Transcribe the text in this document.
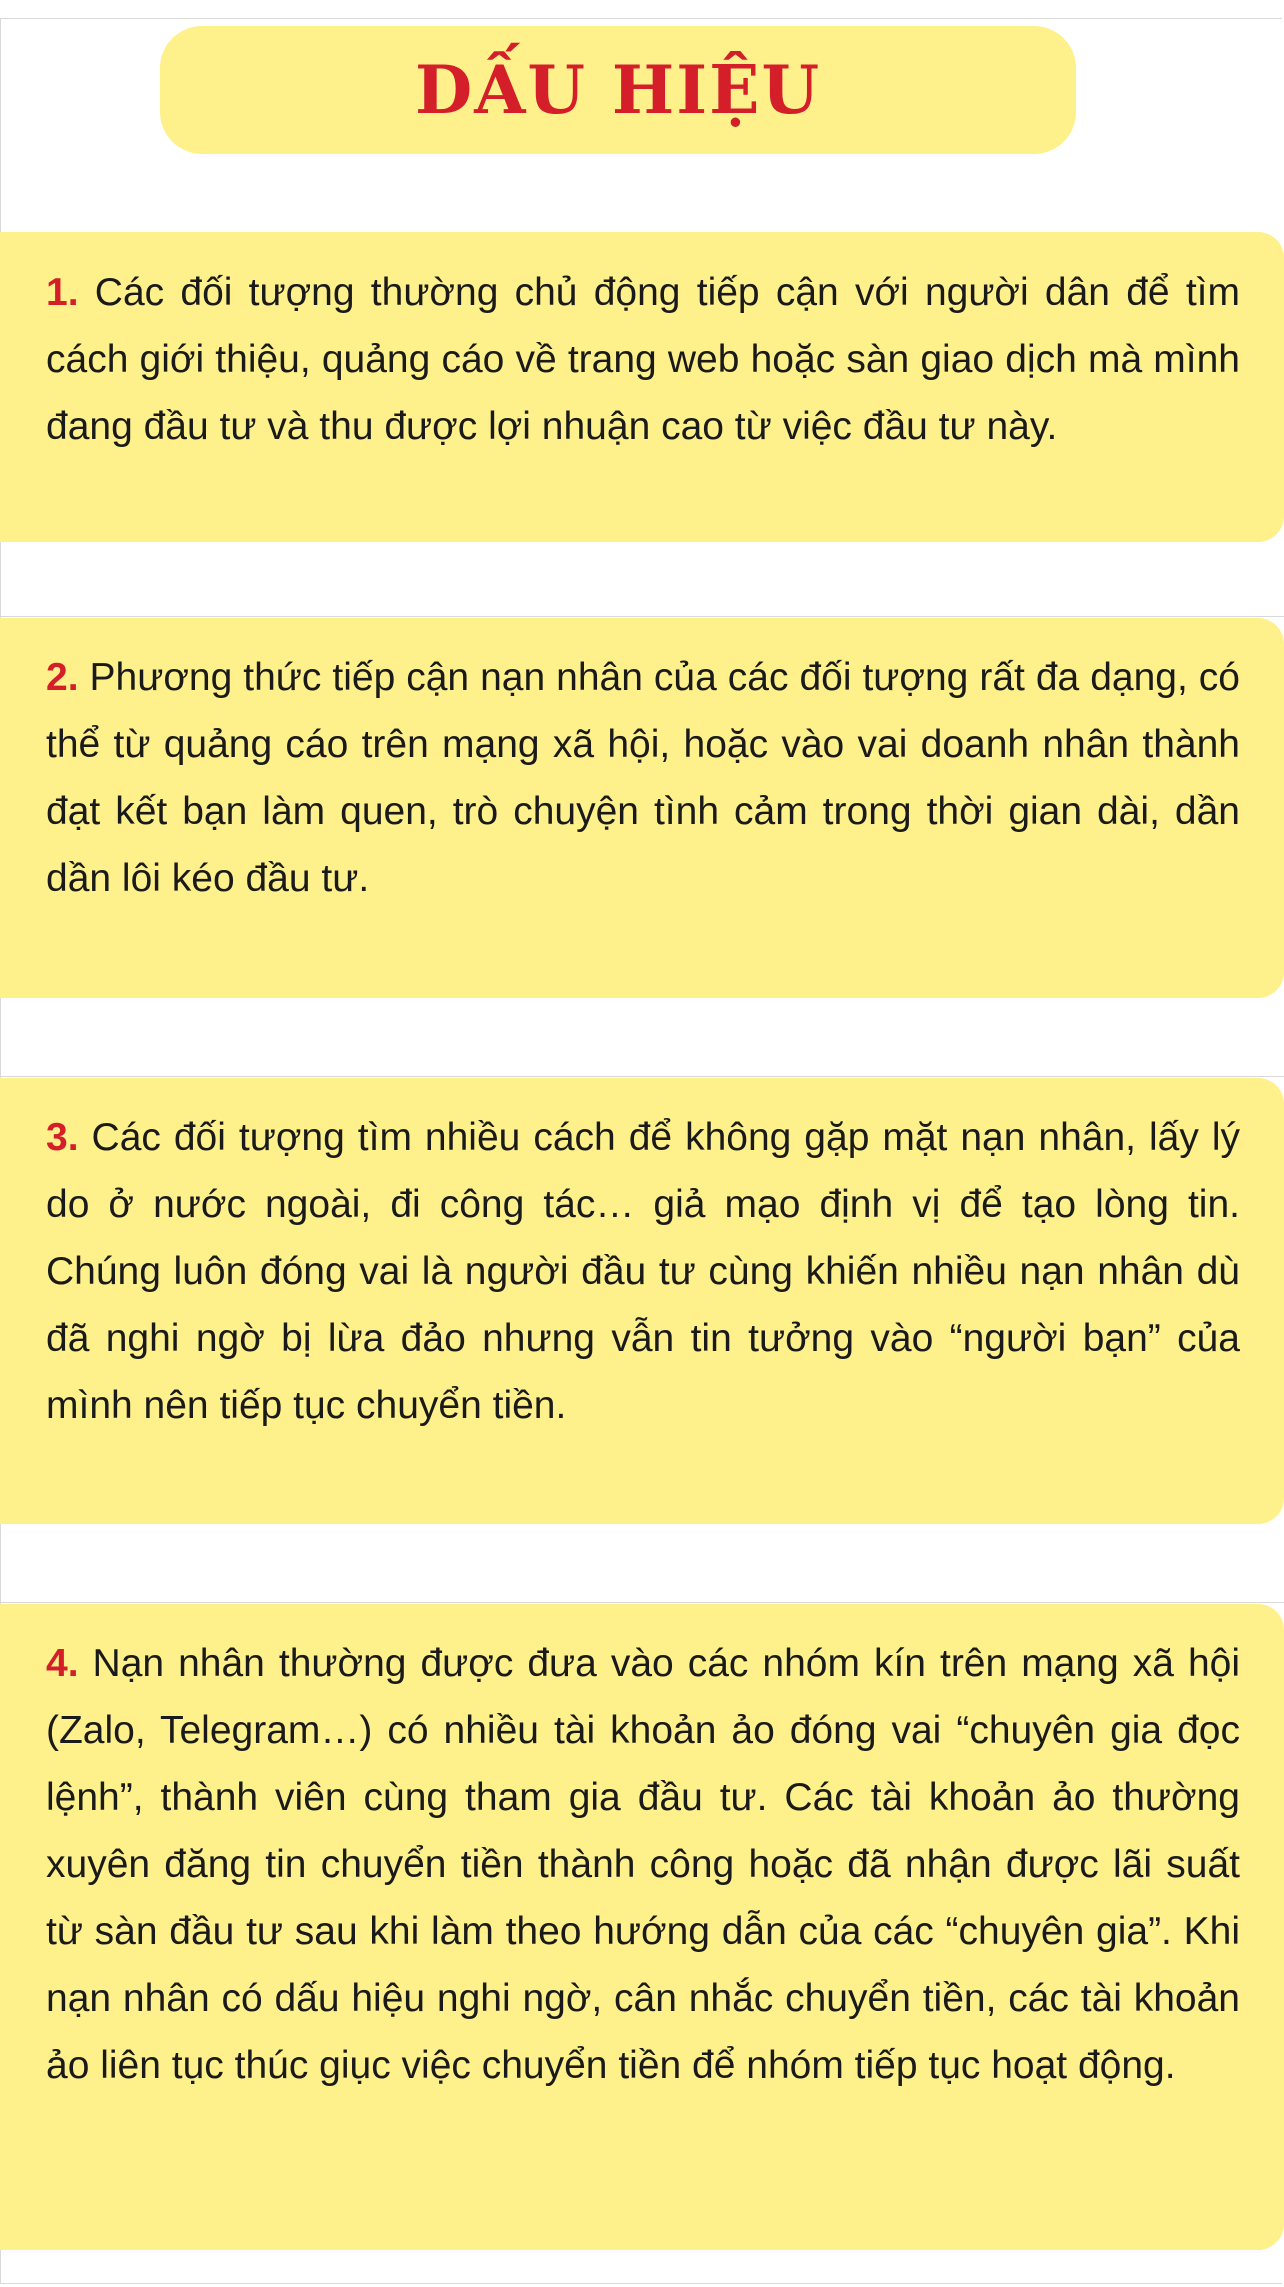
DẤU HIỆU
1. Các đối tượng thường chủ động tiếp cận với người dân để tìm cách giới thiệu, quảng cáo về trang web hoặc sàn giao dịch mà mình đang đầu tư và thu được lợi nhuận cao từ việc đầu tư này.
2. Phương thức tiếp cận nạn nhân của các đối tượng rất đa dạng, có thể từ quảng cáo trên mạng xã hội, hoặc vào vai doanh nhân thành đạt kết bạn làm quen, trò chuyện tình cảm trong thời gian dài, dần dần lôi kéo đầu tư.
3. Các đối tượng tìm nhiều cách để không gặp mặt nạn nhân, lấy lý do ở nước ngoài, đi công tác… giả mạo định vị để tạo lòng tin. Chúng luôn đóng vai là người đầu tư cùng khiến nhiều nạn nhân dù đã nghi ngờ bị lừa đảo nhưng vẫn tin tưởng vào “người bạn” của mình nên tiếp tục chuyển tiền.
4. Nạn nhân thường được đưa vào các nhóm kín trên mạng xã hội (Zalo, Telegram…) có nhiều tài khoản ảo đóng vai “chuyên gia đọc lệnh”, thành viên cùng tham gia đầu tư. Các tài khoản ảo thường xuyên đăng tin chuyển tiền thành công hoặc đã nhận được lãi suất từ sàn đầu tư sau khi làm theo hướng dẫn của các “chuyên gia”. Khi nạn nhân có dấu hiệu nghi ngờ, cân nhắc chuyển tiền, các tài khoản ảo liên tục thúc giục việc chuyển tiền để nhóm tiếp tục hoạt động.
